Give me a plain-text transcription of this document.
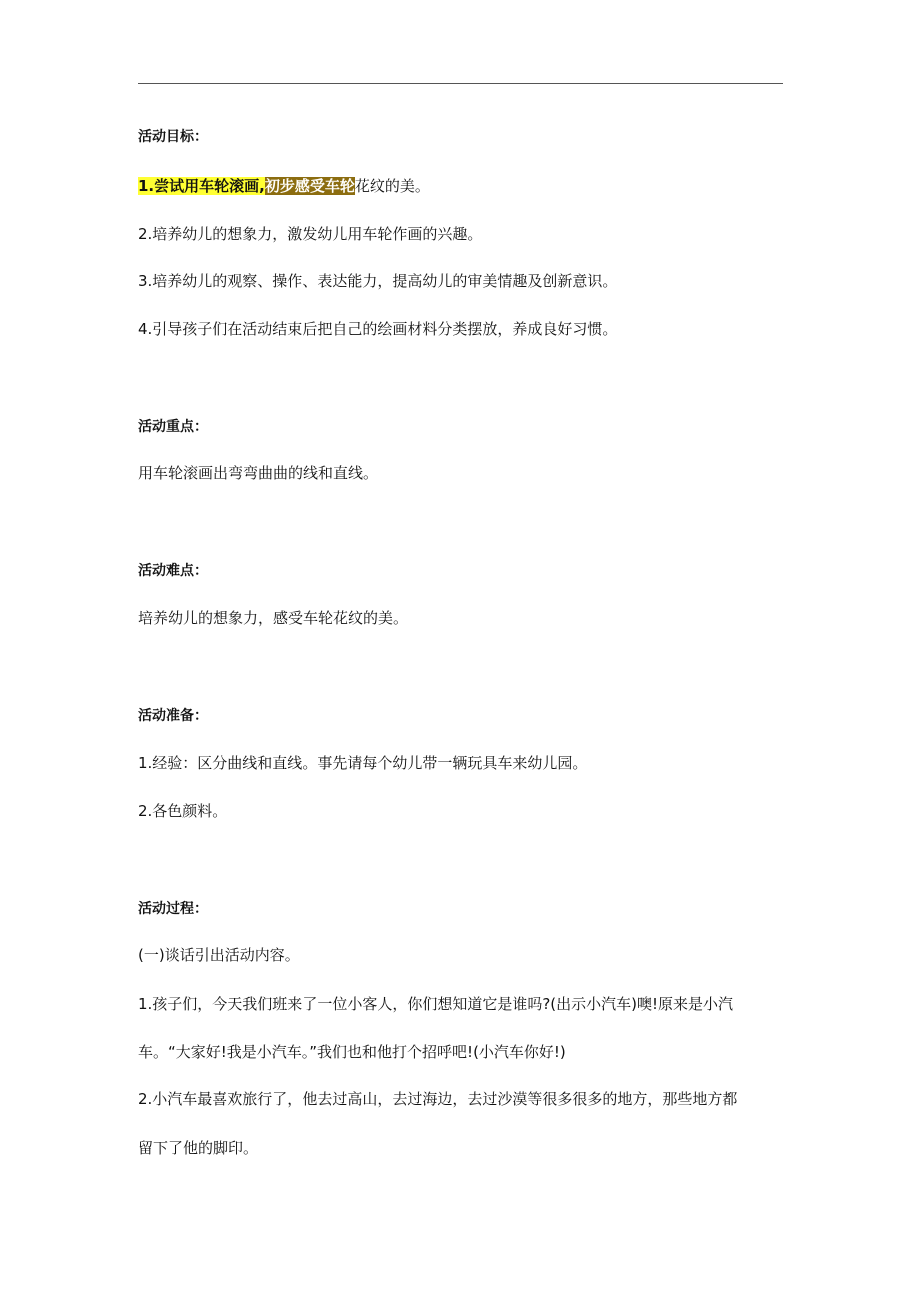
活动目标：
1.尝试用车轮滚画,初步感受车轮花纹的美。
2.培养幼儿的想象力，激发幼儿用车轮作画的兴趣。
3.培养幼儿的观察、操作、表达能力，提高幼儿的审美情趣及创新意识。
4.引导孩子们在活动结束后把自己的绘画材料分类摆放，养成良好习惯。
活动重点：
用车轮滚画出弯弯曲曲的线和直线。
活动难点：
培养幼儿的想象力，感受车轮花纹的美。
活动准备：
1.经验：区分曲线和直线。事先请每个幼儿带一辆玩具车来幼儿园。
2.各色颜料。
活动过程：
(一)谈话引出活动内容。
1.孩子们，今天我们班来了一位小客人，你们想知道它是谁吗?(出示小汽车)噢!原来是小汽
车。“大家好!我是小汽车。”我们也和他打个招呼吧!(小汽车你好!)
2.小汽车最喜欢旅行了，他去过高山，去过海边，去过沙漠等很多很多的地方，那些地方都
留下了他的脚印。
